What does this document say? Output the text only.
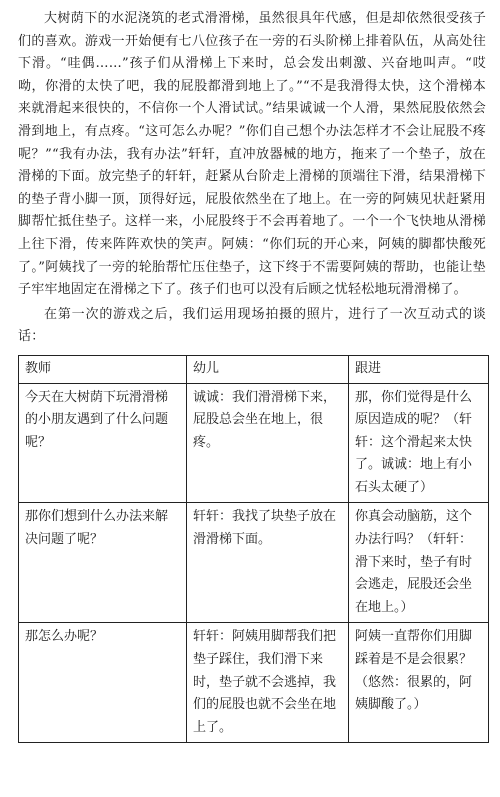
大树荫下的水泥浇筑的老式滑滑梯，虽然很具年代感，但是却依然很受孩子们的喜欢。游戏一开始便有七八位孩子在一旁的石头阶梯上排着队伍，从高处往下滑。“哇偶……”孩子们从滑梯上下来时，总会发出刺激、兴奋地叫声。“哎呦，你滑的太快了吧，我的屁股都滑到地上了。”“不是我滑得太快，这个滑梯本来就滑起来很快的，不信你一个人滑试试。”结果诚诚一个人滑，果然屁股依然会滑到地上，有点疼。“这可怎么办呢？”你们自己想个办法怎样才不会让屁股不疼呢？”“我有办法，我有办法”轩轩，直冲放器械的地方，拖来了一个垫子，放在滑梯的下面。放完垫子的轩轩，赶紧从台阶走上滑梯的顶端往下滑，结果滑梯下的垫子背小脚一顶，顶得好远，屁股依然坐在了地上。在一旁的阿姨见状赶紧用脚帮忙抵住垫子。这样一来，小屁股终于不会再着地了。一个一个飞快地从滑梯上往下滑，传来阵阵欢快的笑声。阿姨：“你们玩的开心来，阿姨的脚都快酸死了。”阿姨找了一旁的轮胎帮忙压住垫子，这下终于不需要阿姨的帮助，也能让垫子牢牢地固定在滑梯之下了。孩子们也可以没有后顾之忧轻松地玩滑滑梯了。

在第一次的游戏之后，我们运用现场拍摄的照片，进行了一次互动式的谈话：

教师	幼儿	跟进
今天在大树荫下玩滑滑梯的小朋友遇到了什么问题呢？	诚诚：我们滑滑梯下来，屁股总会坐在地上，很疼。	那，你们觉得是什么原因造成的呢？（轩轩：这个滑起来太快了。诚诚：地上有小石头太硬了）
那你们想到什么办法来解决问题了呢？	轩轩：我找了块垫子放在滑滑梯下面。	你真会动脑筋，这个办法行吗？（轩轩：滑下来时，垫子有时会逃走，屁股还会坐在地上。）
那怎么办呢？	轩轩：阿姨用脚帮我们把垫子踩住，我们滑下来时，垫子就不会逃掉，我们的屁股也就不会坐在地上了。	阿姨一直帮你们用脚踩着是不是会很累？（悠然：很累的，阿姨脚酸了。）
